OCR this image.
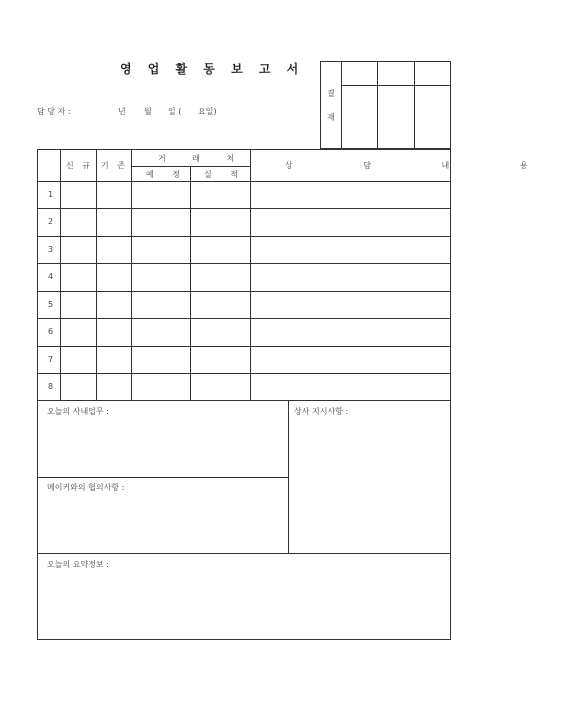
영 업 활 동 보 고 서
담 당 자 :	년 월 일 ( 요일)
결
재
신 규 기 존
거 래 처
예 정 실 적
상 담 내 용
1
2
3
4
5
6
7
8
오늘의 사내업무 :	상사 지시사항 :
메이커와의 협의사항 :
오늘의 요약정보 :
